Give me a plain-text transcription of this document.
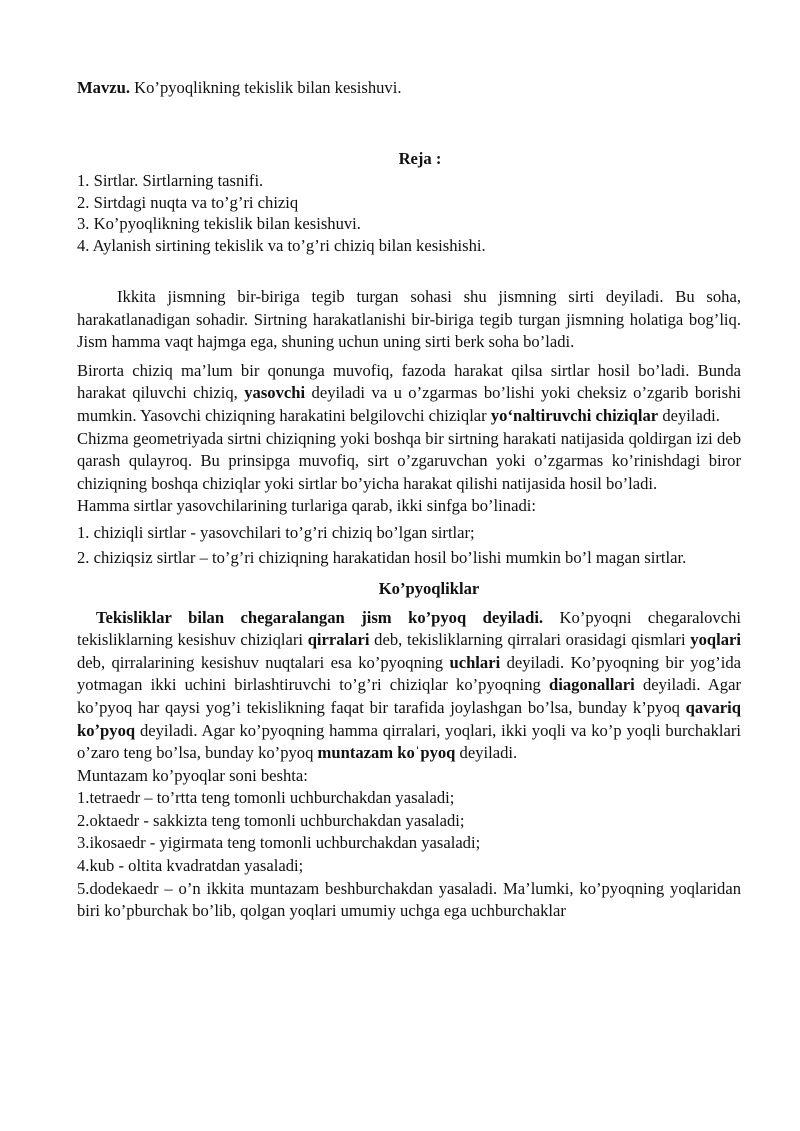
Mavzu. Ko’pyoqlikning tekislik bilan kesishuvi.
Reja :
1. Sirtlar. Sirtlarning tasnifi.
2. Sirtdagi nuqta va to’g’ri chiziq
3. Ko’pyoqlikning tekislik bilan kesishuvi.
4. Aylanish sirtining tekislik va to’g’ri chiziq bilan kesishishi.

Ikkita jismning bir-biriga tegib turgan sohasi shu jismning sirti deyiladi. Bu soha, harakatlanadigan sohadir. Sirtning harakatlanishi bir-biriga tegib turgan jismning holatiga bog’liq. Jism hamma vaqt hajmga ega, shuning uchun uning sirti berk soha bo’ladi.

Birorta chiziq ma’lum bir qonunga muvofiq, fazoda harakat qilsa sirtlar hosil bo’ladi. Bunda harakat qiluvchi chiziq, yasovchi deyiladi va u o’zgarmas bo’lishi yoki cheksiz o’zgarib borishi mumkin. Yasovchi chiziqning harakatini belgilovchi chiziqlar yoʻnaltiruvchi chiziqlar deyiladi.

Chizma geometriyada sirtni chiziqning yoki boshqa bir sirtning harakati natijasida qoldirgan izi deb qarash qulayroq. Bu prinsipga muvofiq, sirt o’zgaruvchan yoki o’zgarmas ko’rinishdagi biror chiziqning boshqa chiziqlar yoki sirtlar bo’yicha harakat qilishi natijasida hosil bo’ladi.

Hamma sirtlar yasovchilarining turlariga qarab, ikki sinfga bo’linadi:

1. chiziqli sirtlar - yasovchilari to’g’ri chiziq bo’lgan sirtlar;
2. chiziqsiz sirtlar – to’g’ri chiziqning harakatidan hosil bo’lishi mumkin bo’l magan sirtlar.

Ko’pyoqliklar

Tekisliklar bilan chegaralangan jism ko’pyoq deyiladi. Ko’pyoqni chegaralovchi tekisliklarning kesishuv chiziqlari qirralari deb, tekisliklarning qirralari orasidagi qismlari yoqlari deb, qirralarining kesishuv nuqtalari esa ko’pyoqning uchlari deyiladi. Ko’pyoqning bir yog’ida yotmagan ikki uchini birlashtiruvchi to’g’ri chiziqlar ko’pyoqning diagonallari deyiladi. Agar ko’pyoq har qaysi yog’i tekislikning faqat bir tarafida joylashgan bo’lsa, bunday k’pyoq qavariq koʼpyoq deyiladi. Agar ko’pyoqning hamma qirralari, yoqlari, ikki yoqli va ko’p yoqli burchaklari o’zaro teng bo’lsa, bunday ko’pyoq muntazam koˈpyoq deyiladi.

Muntazam ko’pyoqlar soni beshta:

1.tetraedr – to’rtta teng tomonli uchburchakdan yasaladi;
2.oktaedr - sakkizta teng tomonli uchburchakdan yasaladi;
3.ikosaedr - yigirmata teng tomonli uchburchakdan yasaladi;
4.kub - oltita kvadratdan yasaladi;
5.dodekaedr – o’n ikkita muntazam beshburchakdan yasaladi. Ma’lumki, ko’pyoqning yoqlaridan biri ko’pburchak bo’lib, qolgan yoqlari umumiy uchga ega uchburchaklar
